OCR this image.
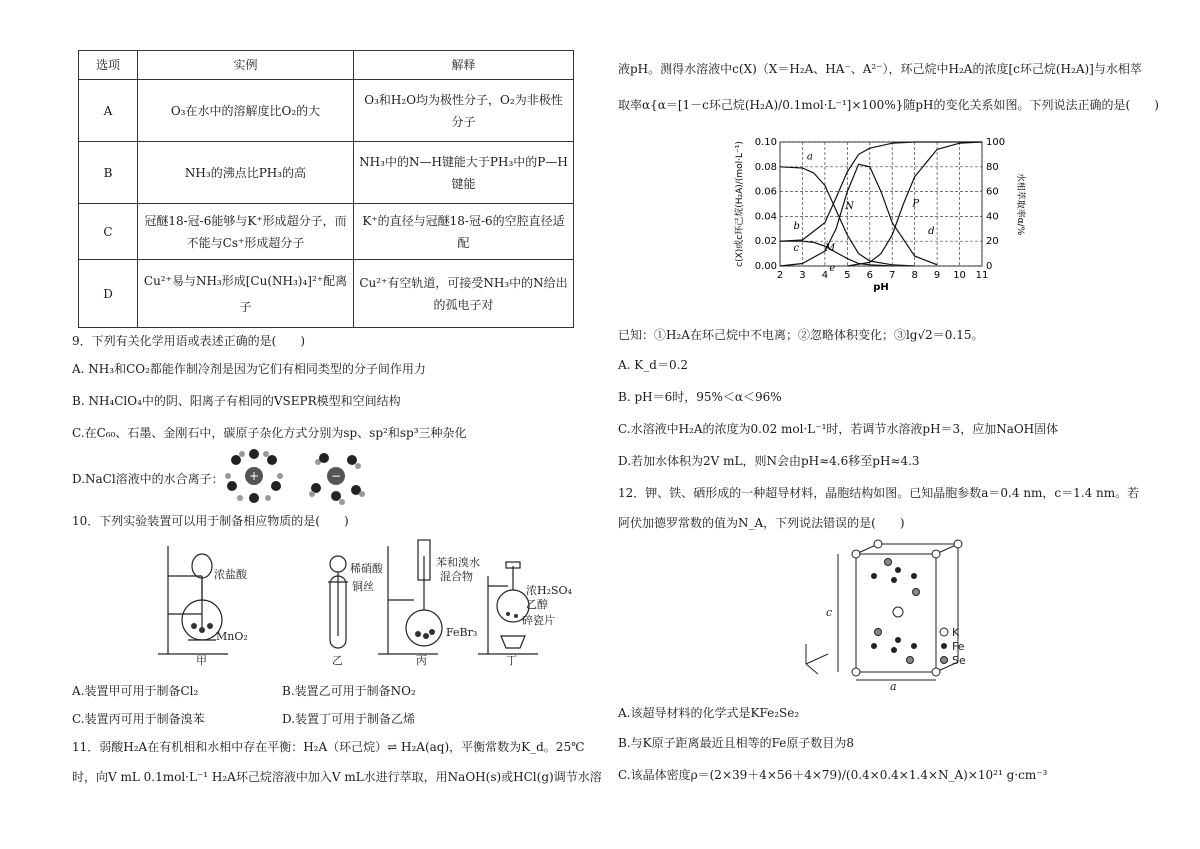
选项	实例	解释
A	O₃在水中的溶解度比O₂的大	O₃和H₂O均为极性分子，O₂为非极性分子
B	NH₃的沸点比PH₃的高	NH₃中的N—H键能大于PH₃中的P—H键能
C	冠醚18-冠-6能够与K⁺形成超分子，而不能与Cs⁺形成超分子	K⁺的直径与冠醚18-冠-6的空腔直径适配
D	Cu²⁺易与NH₃形成[Cu(NH₃)₄]²⁺配离子	Cu²⁺有空轨道，可接受NH₃中的N给出的孤电子对
9．下列有关化学用语或表述正确的是(　　)
A. NH₃和CO₂都能作制冷剂是因为它们有相同类型的分子间作用力
B. NH₄ClO₄中的阴、阳离子有相同的VSEPR模型和空间结构
C.在C₆₀、石墨、金刚石中，碳原子杂化方式分别为sp、sp²和sp³三种杂化
D.NaCl溶液中的水合离子： +	−
10．下列实验装置可以用于制备相应物质的是(　　)
浓盐酸
MnO₂
甲
稀硝酸
铜丝
乙
苯和溴水
混合物
FeBr₃
丙
浓H₂SO₄
乙醇
碎瓷片
丁
A.装置甲可用于制备Cl₂	B.装置乙可用于制备NO₂
C.装置丙可用于制备溴苯	D.装置丁可用于制备乙烯
11．弱酸H₂A在有机相和水相中存在平衡：H₂A（环己烷）⇌ H₂A(aq)，平衡常数为K_d。25℃
时，向V mL 0.1mol·L⁻¹ H₂A环己烷溶液中加入V mL水进行萃取，用NaOH(s)或HCl(g)调节水溶
液pH。测得水溶液中c(X)（X＝H₂A、HA⁻、A²⁻），环己烷中H₂A的浓度[c环己烷(H₂A)]与水相萃
取率α{α＝[1－c环己烷(H₂A)/0.1mol·L⁻¹]×100%}随pH的变化关系如图。下列说法正确的是(　　)
2 3 4 5 6 7 8 9 10 11
0.00
0.02
0.04
0.06
0.08
0.10
0
20
40
60
80
100
pH
c(X)或c环己烷(H₂A)/(mol·L⁻¹)	水相萃取率α/%
a
b
c
d
e
M
N	P
已知：①H₂A在环己烷中不电离；②忽略体积变化；③lg√2＝0.15。
A. K_d＝0.2
B. pH＝6时，95%＜α＜96%
C.水溶液中H₂A的浓度为0.02 mol·L⁻¹时，若调节水溶液pH＝3，应加NaOH固体
D.若加水体积为2V mL，则N会由pH≈4.6移至pH≈4.3
12．钾、铁、硒形成的一种超导材料，晶胞结构如图。已知晶胞参数a＝0.4 nm，c＝1.4 nm。若
阿伏加德罗常数的值为N_A，下列说法错误的是(　　)
c
a
K
Fe
Se
A.该超导材料的化学式是KFe₂Se₂
B.与K原子距离最近且相等的Fe原子数目为8
C.该晶体密度ρ＝(2×39＋4×56＋4×79)/(0.4×0.4×1.4×N_A)×10²¹ g·cm⁻³
